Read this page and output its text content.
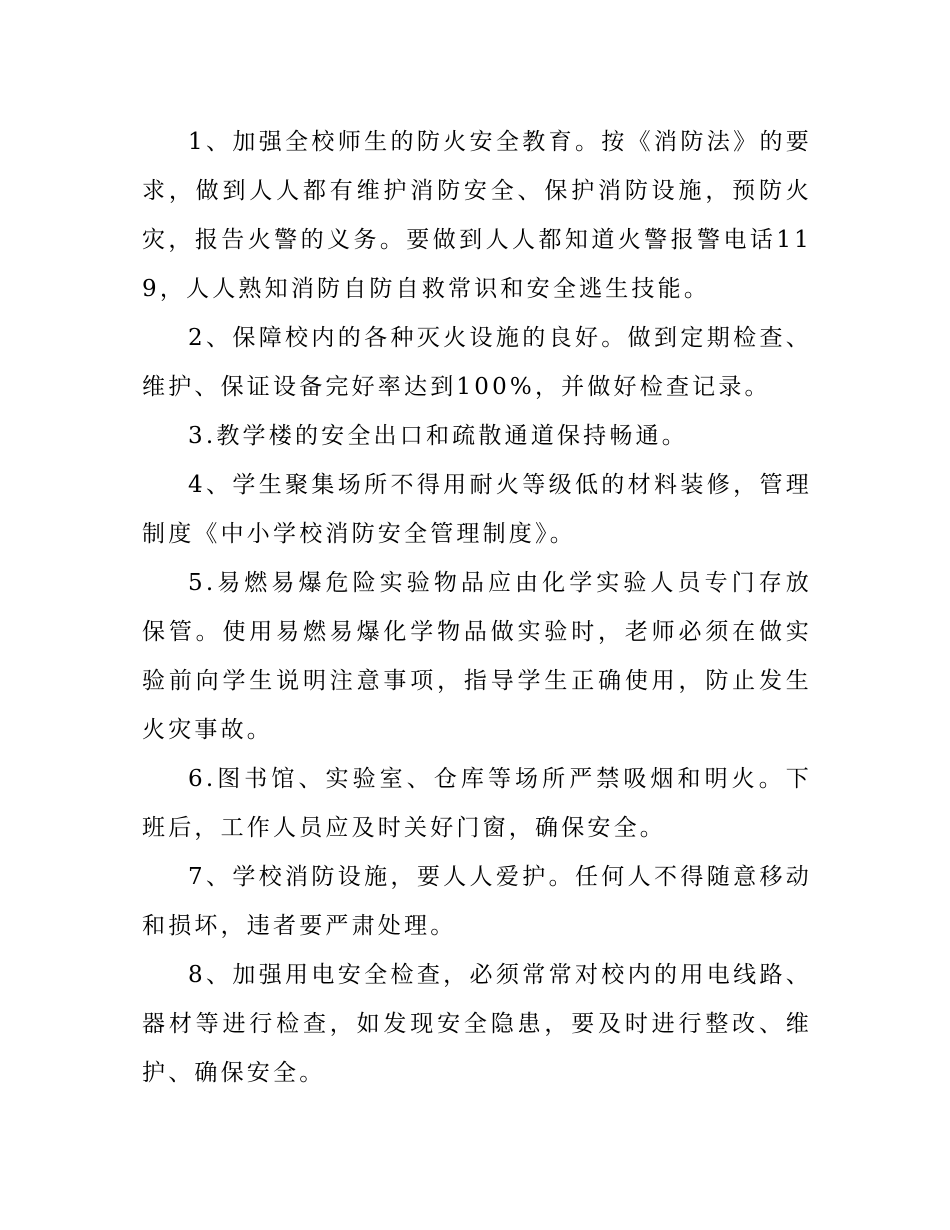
1、加强全校师生的防火安全教育。按《消防法》的要求，做到人人都有维护消防安全、保护消防设施，预防火灾，报告火警的义务。要做到人人都知道火警报警电话119，人人熟知消防自防自救常识和安全逃生技能。

2、保障校内的各种灭火设施的良好。做到定期检查、维护、保证设备完好率达到100%，并做好检查记录。

3.教学楼的安全出口和疏散通道保持畅通。

4、学生聚集场所不得用耐火等级低的材料装修，管理制度《中小学校消防安全管理制度》。

5.易燃易爆危险实验物品应由化学实验人员专门存放保管。使用易燃易爆化学物品做实验时，老师必须在做实验前向学生说明注意事项，指导学生正确使用，防止发生火灾事故。

6.图书馆、实验室、仓库等场所严禁吸烟和明火。下班后，工作人员应及时关好门窗，确保安全。

7、学校消防设施，要人人爱护。任何人不得随意移动和损坏，违者要严肃处理。

8、加强用电安全检查，必须常常对校内的用电线路、器材等进行检查，如发现安全隐患，要及时进行整改、维护、确保安全。
